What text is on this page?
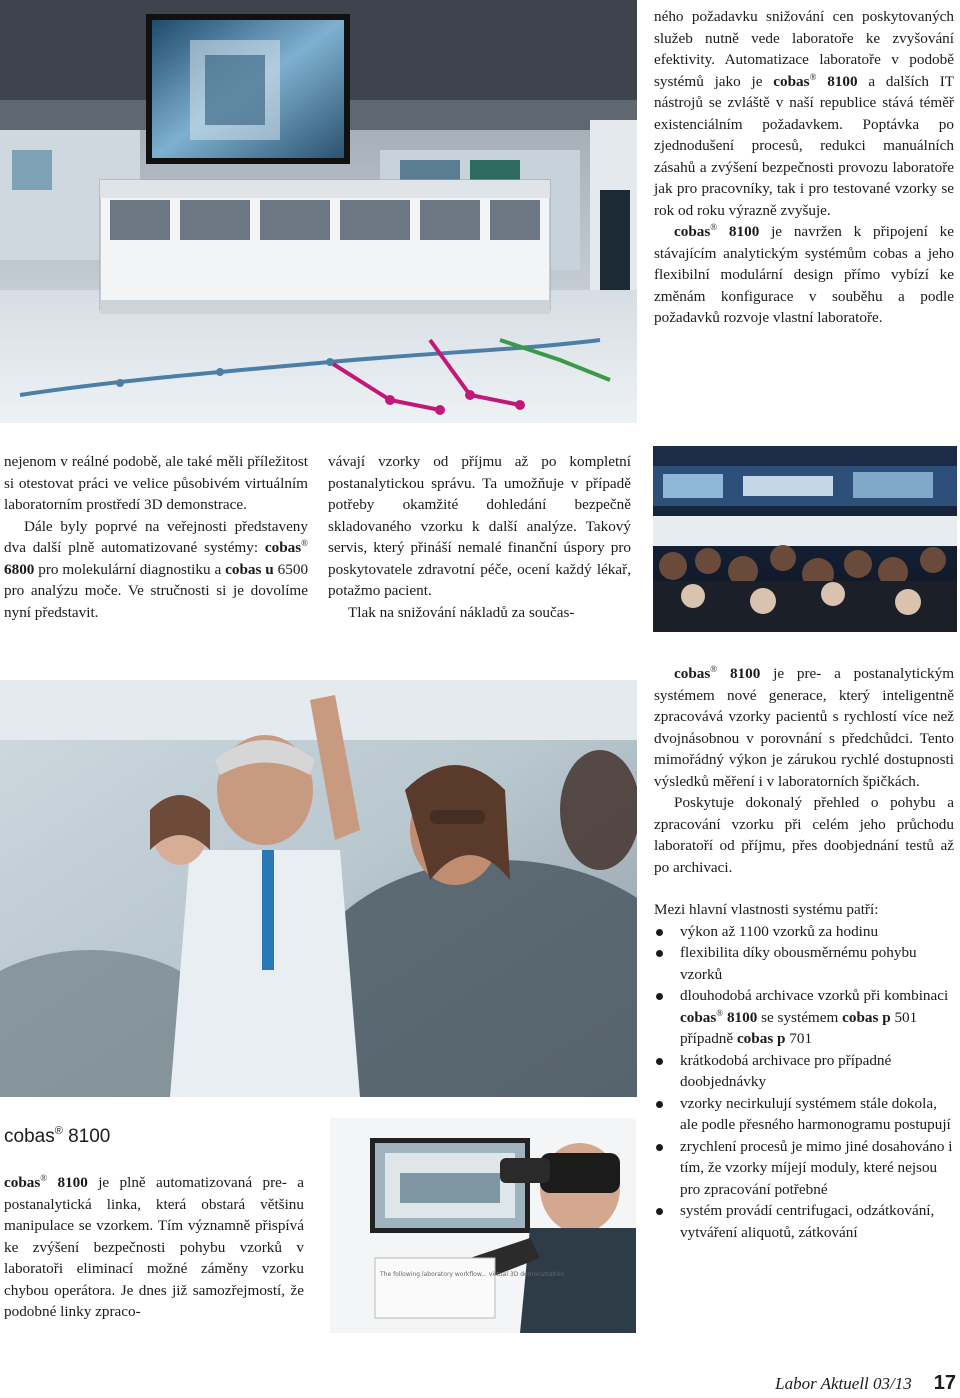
ného požadavku snižování cen poskytovaných služeb nutně vede laboratoře ke zvyšování efektivity. Automatizace laboratoře v podobě systémů jako je cobas® 8100 a dalších IT nástrojů se zvláště v naší republice stává téměř existenciálním požadavkem. Poptávka po zjednodušení procesů, redukci manuálních zásahů a zvýšení bezpečnosti provozu laboratoře jak pro pracovníky, tak i pro testované vzorky se rok od roku výrazně zvyšuje.

cobas® 8100 je navržen k připojení ke stávajícím analytickým systémům cobas a jeho flexibilní modulární design přímo vybízí ke změnám konfigurace v souběhu a podle požadavků rozvoje vlastní laboratoře.

nejenom v reálné podobě, ale také měli příležitost si otestovat práci ve velice působivém virtuálním laboratorním prostředí 3D demonstrace.

Dále byly poprvé na veřejnosti představeny dva další plně automatizované systémy: cobas® 6800 pro molekulární diagnostiku a cobas u 6500 pro analýzu moče. Ve stručnosti si je dovolíme nyní představit.

vávají vzorky od příjmu až po kompletní postanalytickou správu. Ta umožňuje v případě potřeby okamžité dohledání bezpečně skladovaného vzorku k další analýze. Takový servis, který přináší nemalé finanční úspory pro poskytovatele zdravotní péče, ocení každý lékař, potažmo pacient.

Tlak na snižování nákladů za součas-

cobas® 8100 je pre- a postanalytickým systémem nové generace, který inteligentně zpracovává vzorky pacientů s rychlostí více než dvojnásobnou v porovnání s předchůdci. Tento mimořádný výkon je zárukou rychlé dostupnosti výsledků měření i v laboratorních špičkách.

Poskytuje dokonalý přehled o pohybu a zpracování vzorku při celém jeho průchodu laboratoří od příjmu, přes doobjednání testů až po archivaci.

Mezi hlavní vlastnosti systému patří:

výkon až 1100 vzorků za hodinu
flexibilita díky obousměrnému pohybu vzorků
dlouhodobá archivace vzorků při kombinaci cobas® 8100 se systémem cobas p 501 případně cobas p 701
krátkodobá archivace pro případné doobjednávky
vzorky necirkulují systémem stále dokola, ale podle přesného harmonogramu postupují
zrychlení procesů je mimo jiné dosahováno i tím, že vzorky míjejí moduly, které nejsou pro zpracování potřebné
systém provádí centrifugaci, odzátkování, vytváření aliquotů, zátkování
cobas® 8100

cobas® 8100 je plně automatizovaná pre- a postanalytická linka, která obstará většinu manipulace se vzorkem. Tím významně přispívá ke zvýšení bezpečnosti pohybu vzorků v laboratoři eliminací možné záměny vzorku chybou operátora. Je dnes již samozřejmostí, že podobné linky zpraco-

The following laboratory workflow... virtual 3D demonstration
Labor Aktuell 03/13 17
